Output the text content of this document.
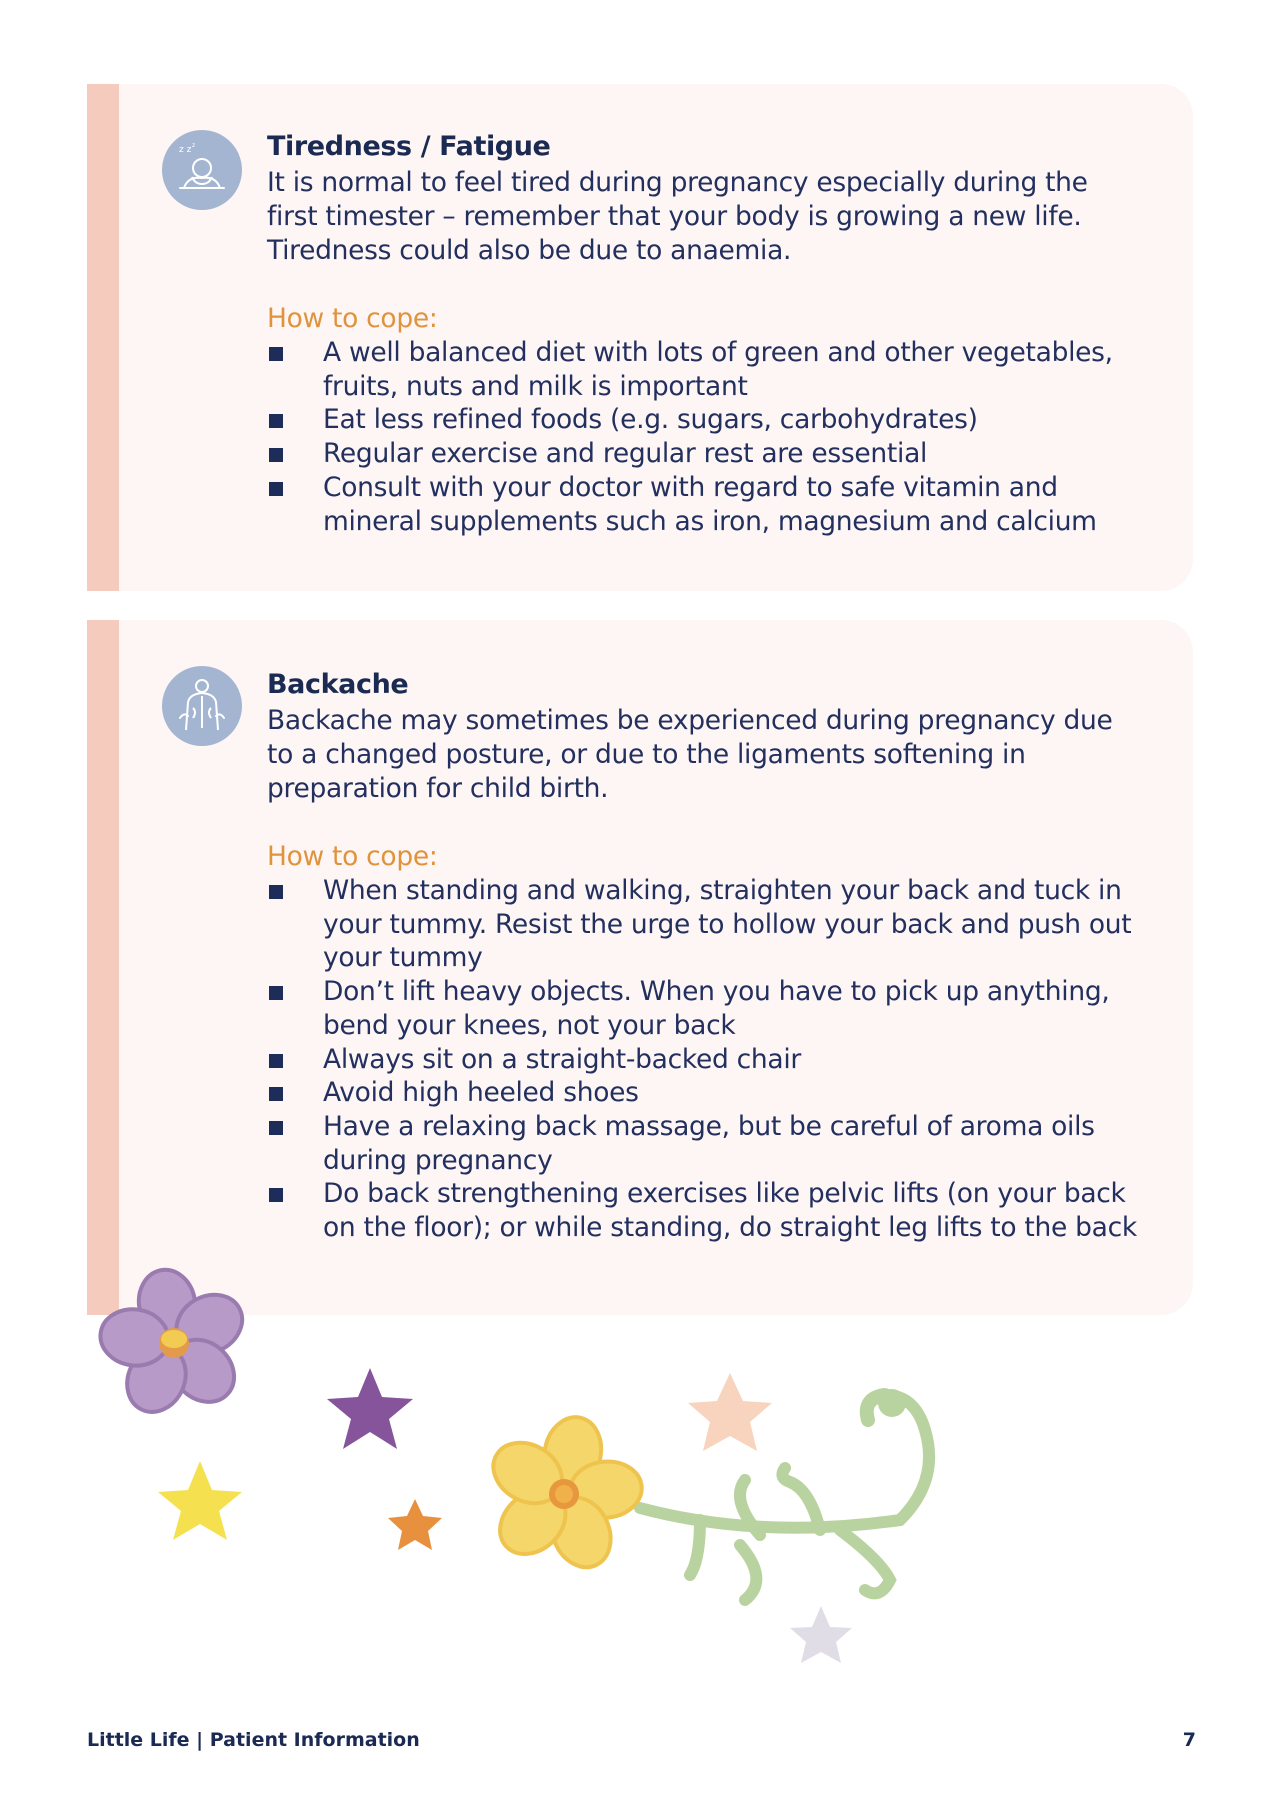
z z z	Tiredness / Fatigue

It is normal to feel tired during pregnancy especially during the first timester – remember that your body is growing a new life. Tiredness could also be due to anaemia.

How to cope:

A well balanced diet with lots of green and other vegetables, fruits, nuts and milk is important
Eat less refined foods (e.g. sugars, carbohydrates)
Regular exercise and regular rest are essential
Consult with your doctor with regard to safe vitamin and mineral supplements such as iron, magnesium and calcium
Backache

Backache may sometimes be experienced during pregnancy due to a changed posture, or due to the ligaments softening in preparation for child birth.

How to cope:

When standing and walking, straighten your back and tuck in your tummy. Resist the urge to hollow your back and push out your tummy
Don’t lift heavy objects. When you have to pick up anything, bend your knees, not your back
Always sit on a straight-backed chair
Avoid high heeled shoes
Have a relaxing back massage, but be careful of aroma oils during pregnancy
Do back strengthening exercises like pelvic lifts (on your back on the floor); or while standing, do straight leg lifts to the back
Little Life | Patient Information	7
